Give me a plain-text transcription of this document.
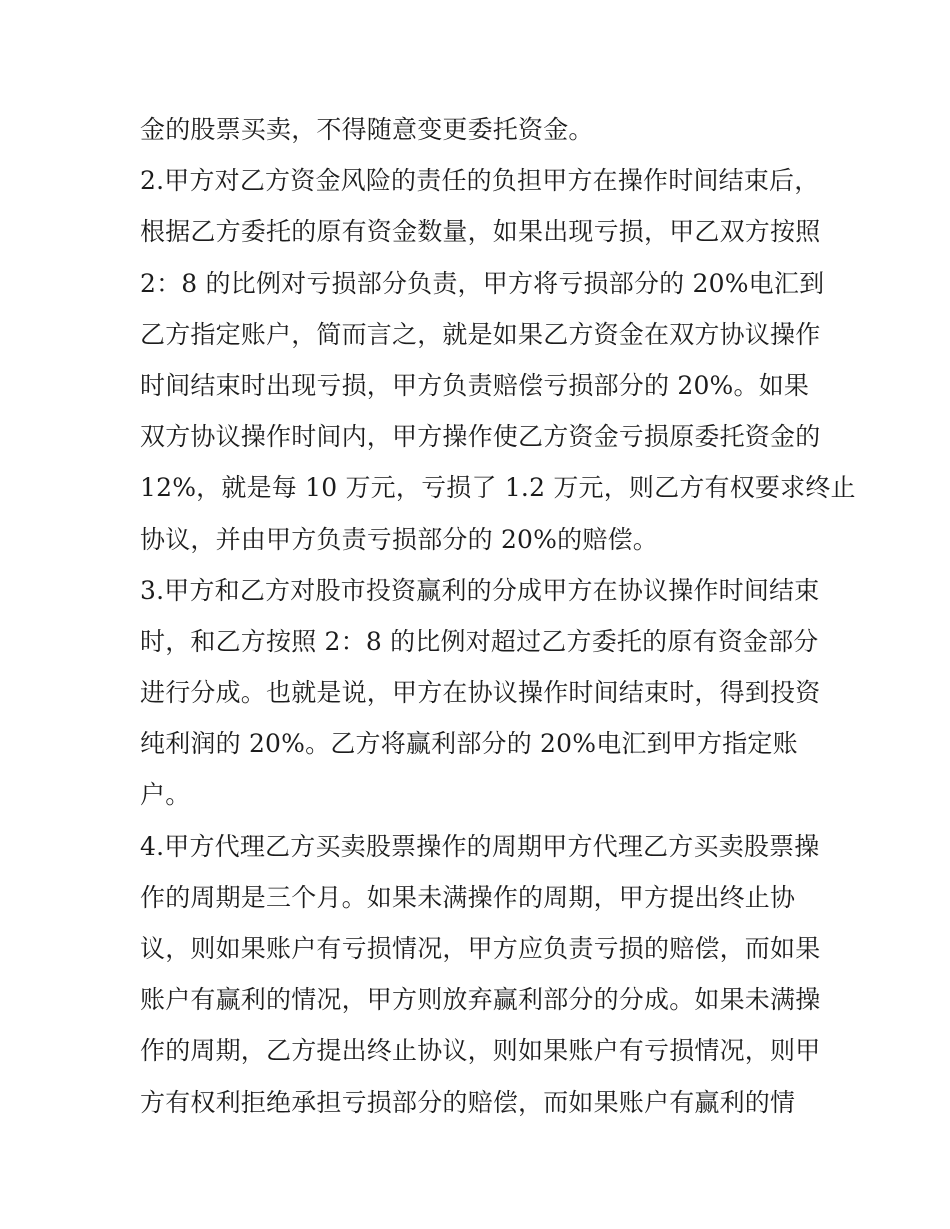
金的股票买卖，不得随意变更委托资金。
2.甲方对乙方资金风险的责任的负担甲方在操作时间结束后，
根据乙方委托的原有资金数量，如果出现亏损，甲乙双方按照
2：8 的比例对亏损部分负责，甲方将亏损部分的 20%电汇到
乙方指定账户，简而言之，就是如果乙方资金在双方协议操作
时间结束时出现亏损，甲方负责赔偿亏损部分的 20%。如果
双方协议操作时间内，甲方操作使乙方资金亏损原委托资金的
12%，就是每 10 万元，亏损了 1.2 万元，则乙方有权要求终止
协议，并由甲方负责亏损部分的 20%的赔偿。
3.甲方和乙方对股市投资赢利的分成甲方在协议操作时间结束
时，和乙方按照 2：8 的比例对超过乙方委托的原有资金部分
进行分成。也就是说，甲方在协议操作时间结束时，得到投资
纯利润的 20%。乙方将赢利部分的 20%电汇到甲方指定账
户。
4.甲方代理乙方买卖股票操作的周期甲方代理乙方买卖股票操
作的周期是三个月。如果未满操作的周期，甲方提出终止协
议，则如果账户有亏损情况，甲方应负责亏损的赔偿，而如果
账户有赢利的情况，甲方则放弃赢利部分的分成。如果未满操
作的周期，乙方提出终止协议，则如果账户有亏损情况，则甲
方有权利拒绝承担亏损部分的赔偿，而如果账户有赢利的情
